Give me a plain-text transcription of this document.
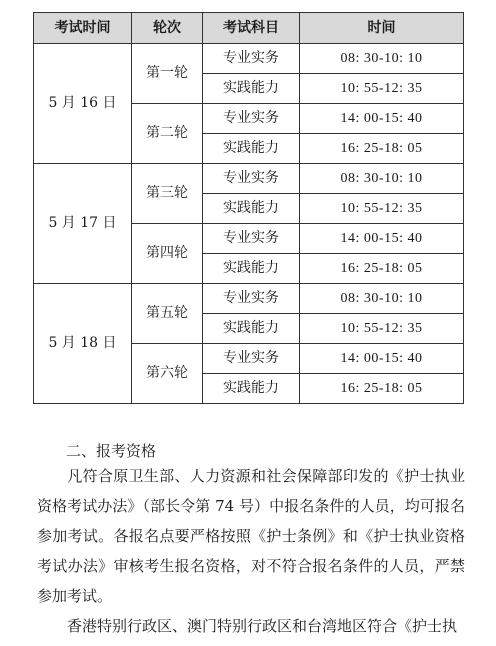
考试时间	轮次	考试科目	时间
5 月 16 日	第一轮	专业实务	08: 30-10: 10
		实践能力	10: 55-12: 35
	第二轮	专业实务	14: 00-15: 40
		实践能力	16: 25-18: 05
5 月 17 日	第三轮	专业实务	08: 30-10: 10
		实践能力	10: 55-12: 35
	第四轮	专业实务	14: 00-15: 40
		实践能力	16: 25-18: 05
5 月 18 日	第五轮	专业实务	08: 30-10: 10
		实践能力	10: 55-12: 35
	第六轮	专业实务	14: 00-15: 40
		实践能力	16: 25-18: 05
二、报考资格

凡符合原卫生部、人力资源和社会保障部印发的《护士执业资格考试办法》（部长令第 74 号）中报名条件的人员，均可报名参加考试。各报名点要严格按照《护士条例》和《护士执业资格考试办法》审核考生报名资格，对不符合报名条件的人员，严禁参加考试。

香港特别行政区、澳门特别行政区和台湾地区符合《护士执
